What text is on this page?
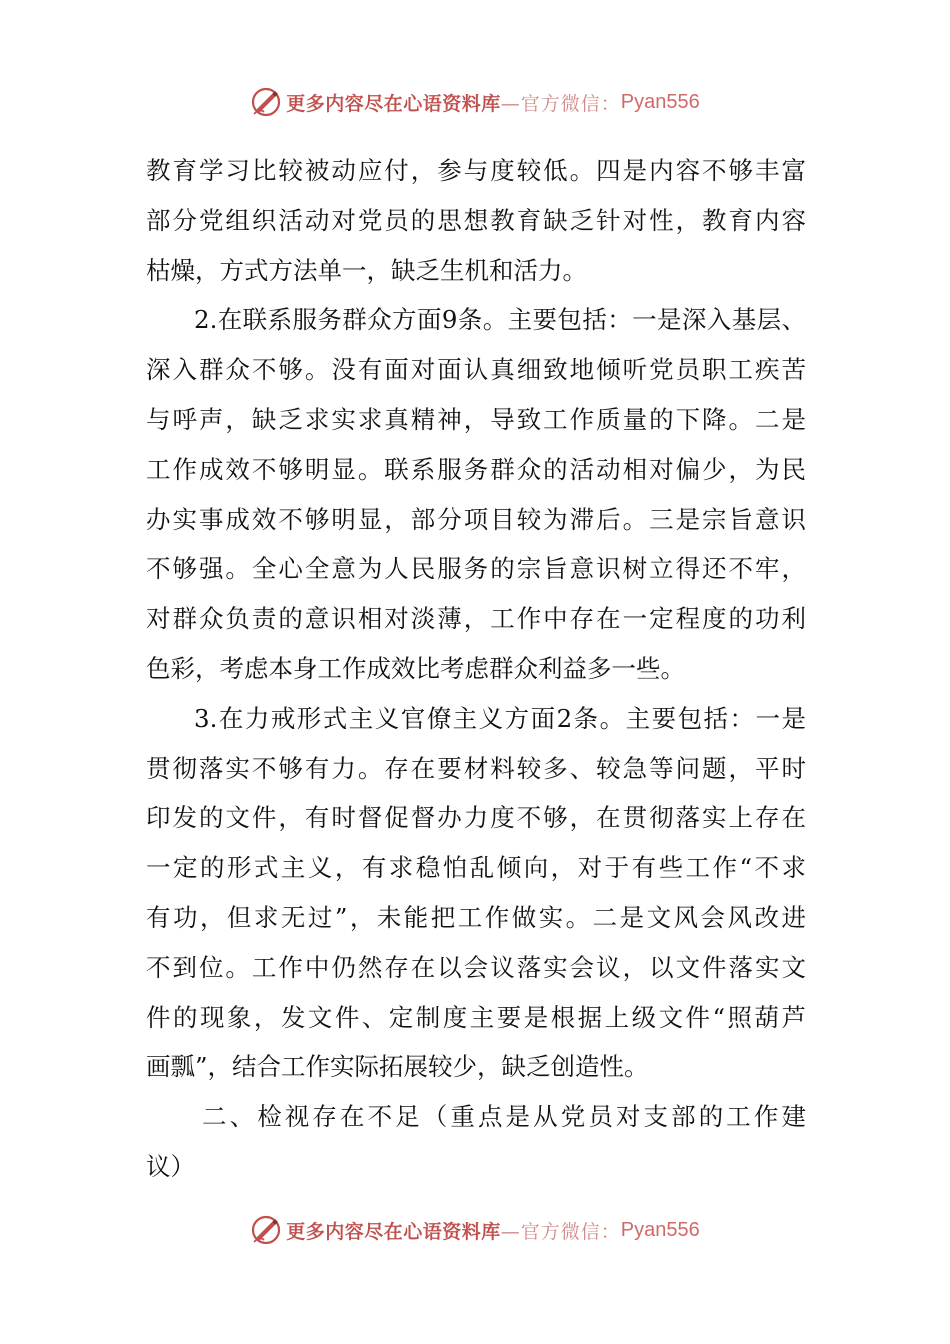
更多内容尽在心语资料库 —官方微信： Pyan556
教育学习比较被动应付，参与度较低。四是内容不够丰富
部分党组织活动对党员的思想教育缺乏针对性，教育内容
枯燥，方式方法单一，缺乏生机和活力。
2.在联系服务群众方面9条。主要包括：一是深入基层、
深入群众不够。没有面对面认真细致地倾听党员职工疾苦
与呼声，缺乏求实求真精神，导致工作质量的下降。二是
工作成效不够明显。联系服务群众的活动相对偏少，为民
办实事成效不够明显，部分项目较为滞后。三是宗旨意识
不够强。全心全意为人民服务的宗旨意识树立得还不牢，
对群众负责的意识相对淡薄，工作中存在一定程度的功利
色彩，考虑本身工作成效比考虑群众利益多一些。
3.在力戒形式主义官僚主义方面2条。主要包括：一是
贯彻落实不够有力。存在要材料较多、较急等问题，平时
印发的文件，有时督促督办力度不够，在贯彻落实上存在
一定的形式主义，有求稳怕乱倾向，对于有些工作“不求
有功，但求无过”，未能把工作做实。二是文风会风改进
不到位。工作中仍然存在以会议落实会议，以文件落实文
件的现象，发文件、定制度主要是根据上级文件“照葫芦
画瓢”，结合工作实际拓展较少，缺乏创造性。
二、检视存在不足（重点是从党员对支部的工作建
议）
更多内容尽在心语资料库 —官方微信： Pyan556
